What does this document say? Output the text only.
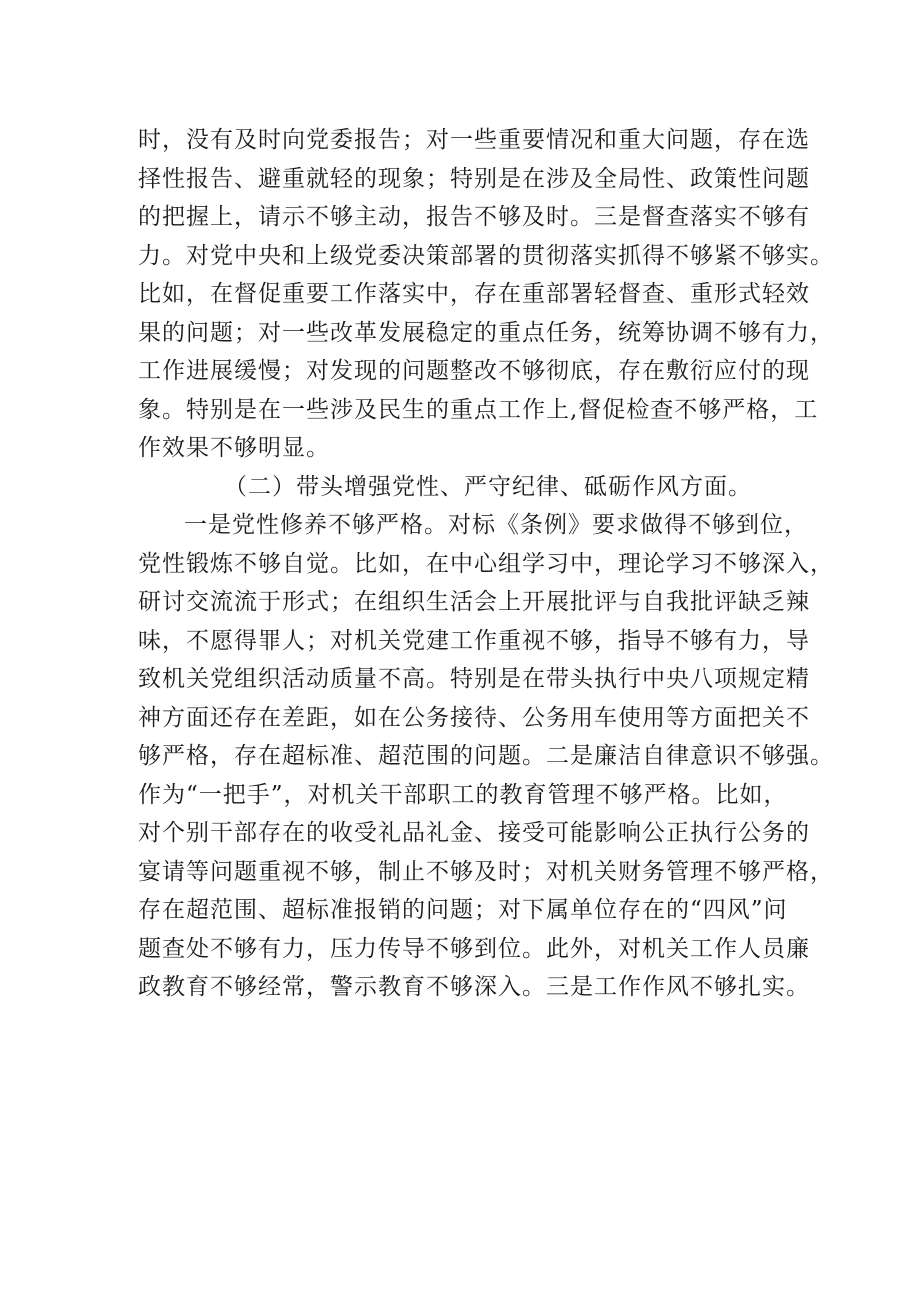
时，没有及时向党委报告；对一些重要情况和重大问题，存在选
择性报告、避重就轻的现象；特别是在涉及全局性、政策性问题
的把握上，请示不够主动，报告不够及时。三是督查落实不够有
力。对党中央和上级党委决策部署的贯彻落实抓得不够紧不够实。
比如，在督促重要工作落实中，存在重部署轻督查、重形式轻效
果的问题；对一些改革发展稳定的重点任务，统筹协调不够有力，
工作进展缓慢；对发现的问题整改不够彻底，存在敷衍应付的现
象。特别是在一些涉及民生的重点工作上,督促检查不够严格，工
作效果不够明显。
（二）带头增强党性、严守纪律、砥砺作风方面。
一是党性修养不够严格。对标《条例》要求做得不够到位，
党性锻炼不够自觉。比如，在中心组学习中，理论学习不够深入，
研讨交流流于形式；在组织生活会上开展批评与自我批评缺乏辣
味，不愿得罪人；对机关党建工作重视不够，指导不够有力，导
致机关党组织活动质量不高。特别是在带头执行中央八项规定精
神方面还存在差距，如在公务接待、公务用车使用等方面把关不
够严格，存在超标准、超范围的问题。二是廉洁自律意识不够强。
作为“一把手”，对机关干部职工的教育管理不够严格。比如，
对个别干部存在的收受礼品礼金、接受可能影响公正执行公务的
宴请等问题重视不够，制止不够及时；对机关财务管理不够严格，
存在超范围、超标准报销的问题；对下属单位存在的“四风”问
题查处不够有力，压力传导不够到位。此外，对机关工作人员廉
政教育不够经常，警示教育不够深入。三是工作作风不够扎实。
